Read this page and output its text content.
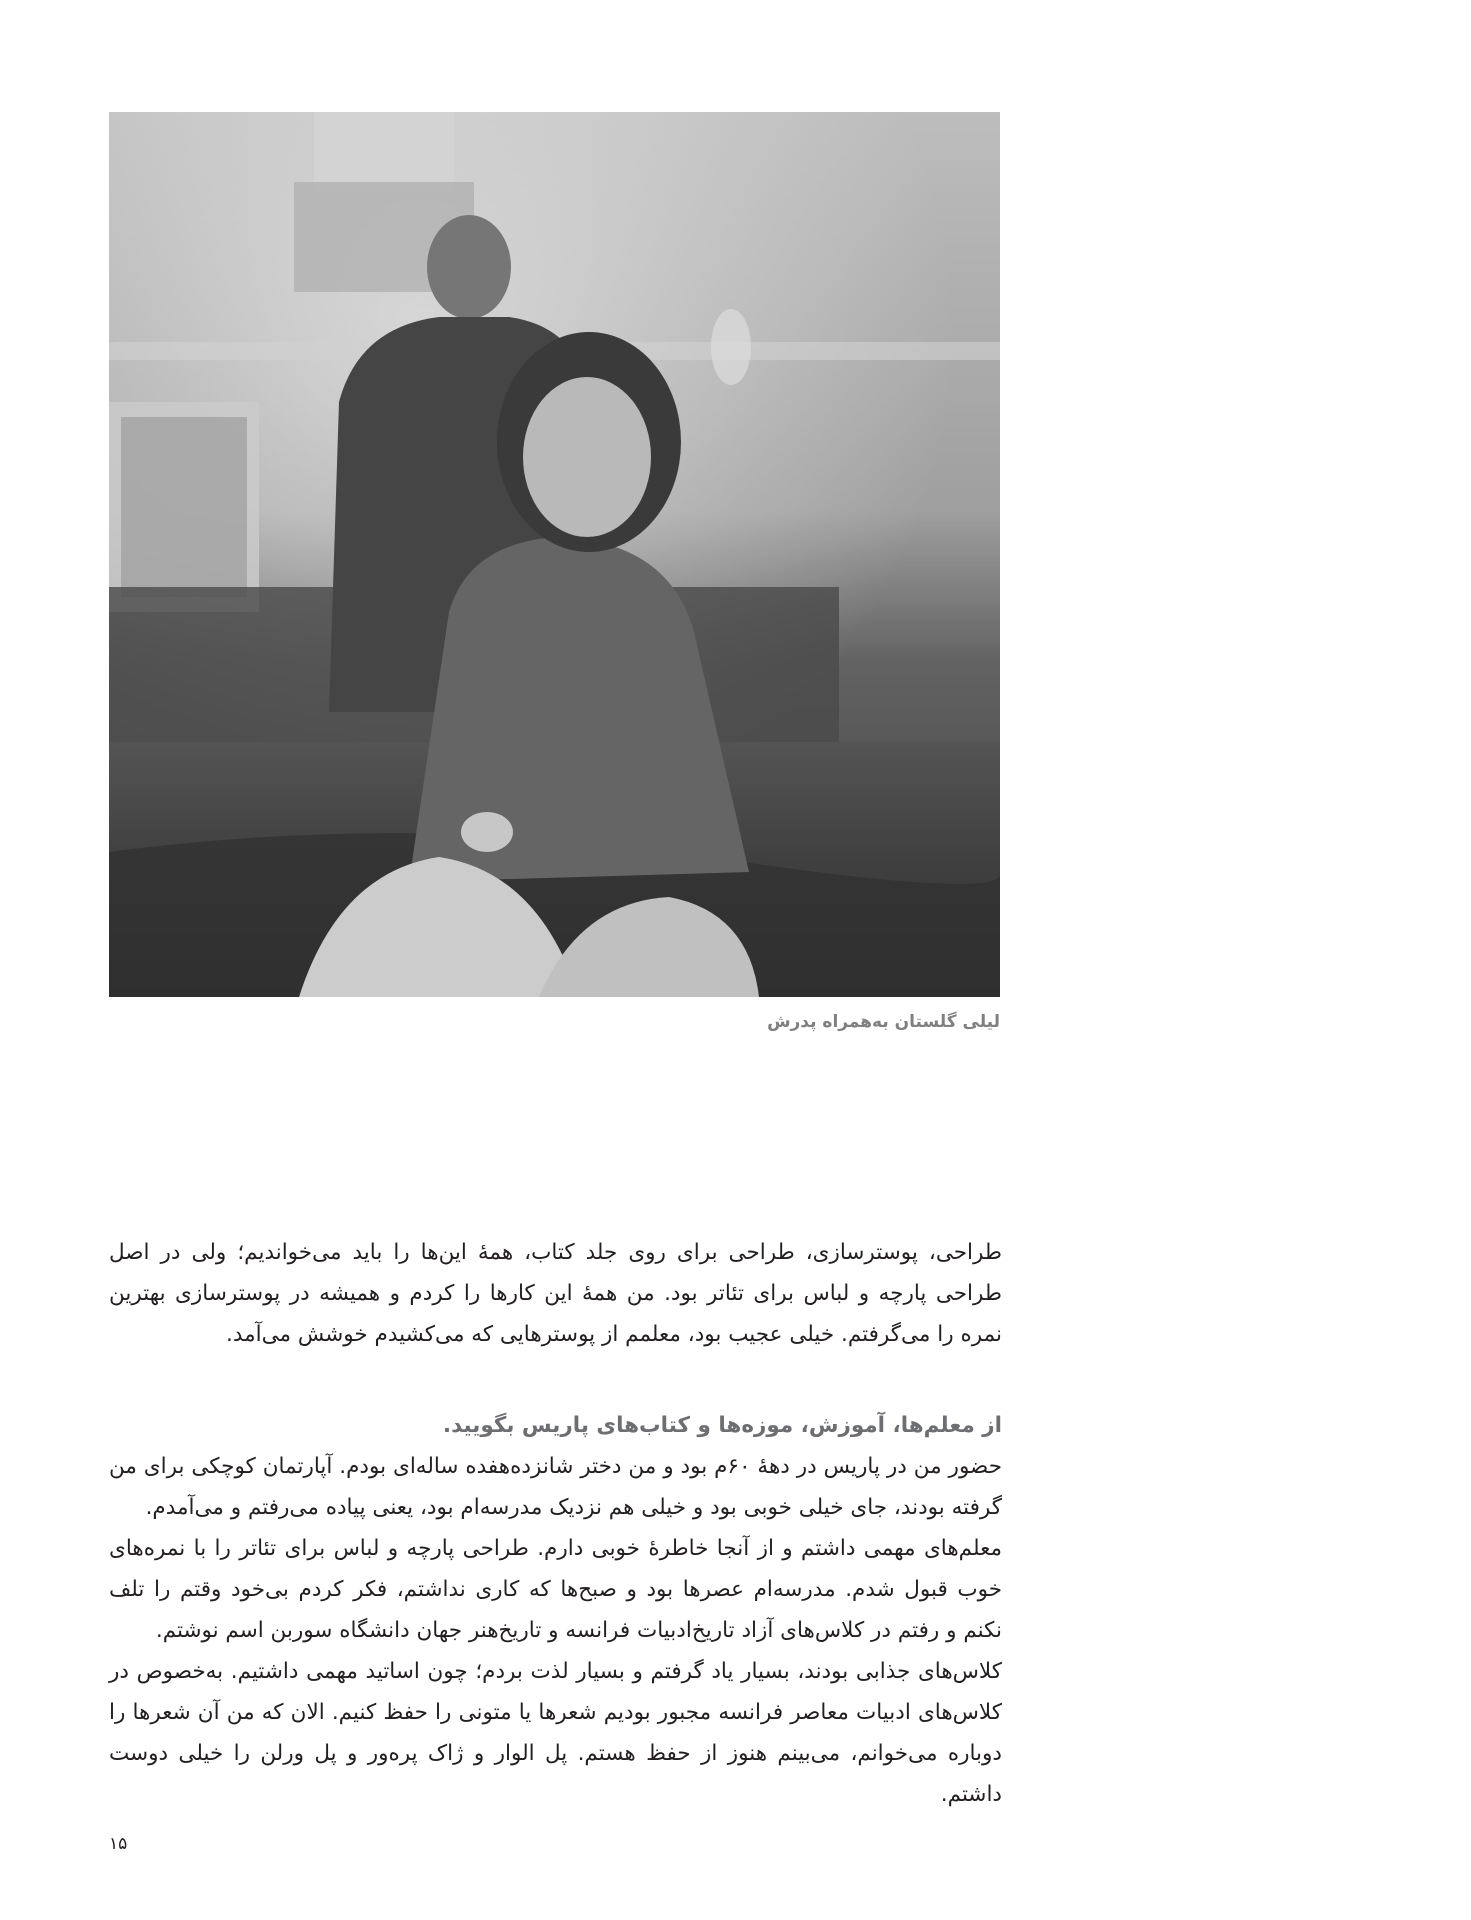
لیلی گلستان به‌همراه پدرش

طراحی، پوسترسازی، طراحی برای روی جلد کتاب، همهٔ این‌ها را باید می‌خواندیم؛ ولی در اصل طراحی پارچه و لباس برای تئاتر بود. من همهٔ این کارها را کردم و همیشه در پوسترسازی بهترین نمره را می‌گرفتم. خیلی عجیب بود، معلمم از پوسترهایی که می‌کشیدم خوشش می‌آمد.

از معلم‌ها، آموزش، موزه‌ها و کتاب‌های پاریس بگویید.

حضور من در پاریس در دههٔ ۶۰م بود و من دختر شانزده‌هفده ساله‌ای بودم. آپارتمان کوچکی برای من گرفته بودند، جای خیلی خوبی بود و خیلی هم نزدیک مدرسه‌ام بود، یعنی پیاده می‌رفتم و می‌آمدم.

معلم‌های مهمی داشتم و از آنجا خاطرهٔ خوبی دارم. طراحی پارچه و لباس برای تئاتر را با نمره‌های خوب قبول شدم. مدرسه‌ام عصرها بود و صبح‌ها که کاری نداشتم، فکر کردم بی‌خود وقتم را تلف نکنم و رفتم در کلاس‌های آزاد تاریخ‌ادبیات فرانسه و تاریخ‌هنر جهان دانشگاه سوربن اسم نوشتم.

کلاس‌های جذابی بودند، بسیار یاد گرفتم و بسیار لذت بردم؛ چون اساتید مهمی داشتیم. به‌خصوص در کلاس‌های ادبیات معاصر فرانسه مجبور بودیم شعرها یا متونی را حفظ کنیم. الان که من آن شعرها را دوباره می‌خوانم، می‌بینم هنوز از حفظ هستم. پل الوار و ژاک پره‌ور و پل ورلن را خیلی دوست داشتم.

۱۵
